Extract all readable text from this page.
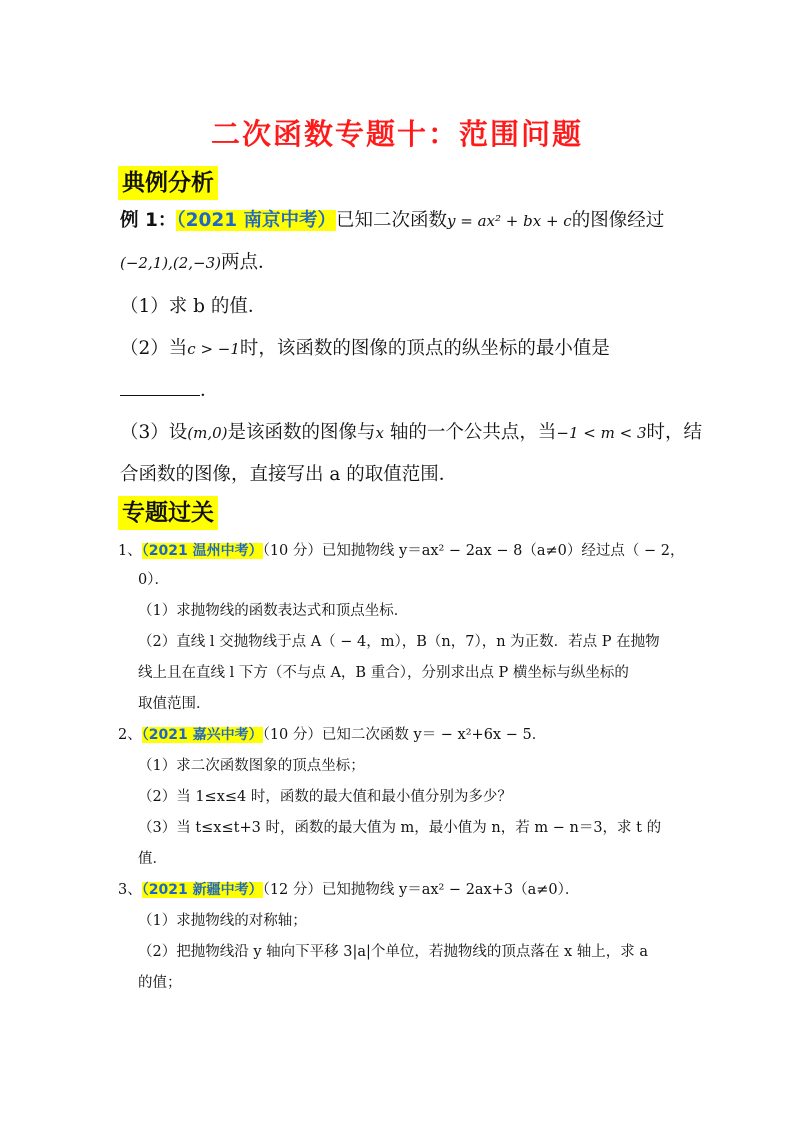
二次函数专题十：范围问题
典例分析
例 1：（2021 南京中考）已知二次函数y = ax² + bx + c的图像经过
(−2,1),(2,−3)两点．
（1）求 b 的值．
（2）当c > −1时，该函数的图像的顶点的纵坐标的最小值是
．
（3）设(m,0)是该函数的图像与x 轴的一个公共点，当−1 < m < 3时，结
合函数的图像，直接写出 a 的取值范围．
专题过关
1、（2021 温州中考）（10 分）已知抛物线 y＝ax² − 2ax − 8（a≠0）经过点（ − 2，
0）．
（1）求抛物线的函数表达式和顶点坐标．
（2）直线 l 交抛物线于点 A（ − 4，m），B（n，7），n 为正数．若点 P 在抛物
线上且在直线 l 下方（不与点 A，B 重合），分别求出点 P 横坐标与纵坐标的
取值范围．
2、（2021 嘉兴中考）（10 分）已知二次函数 y＝ − x²+6x − 5．
（1）求二次函数图象的顶点坐标；
（2）当 1≤x≤4 时，函数的最大值和最小值分别为多少？
（3）当 t≤x≤t+3 时，函数的最大值为 m，最小值为 n，若 m − n＝3，求 t 的
值．
3、（2021 新疆中考）（12 分）已知抛物线 y＝ax² − 2ax+3（a≠0）．
（1）求抛物线的对称轴；
（2）把抛物线沿 y 轴向下平移 3|a|个单位，若抛物线的顶点落在 x 轴上，求 a
的值；
